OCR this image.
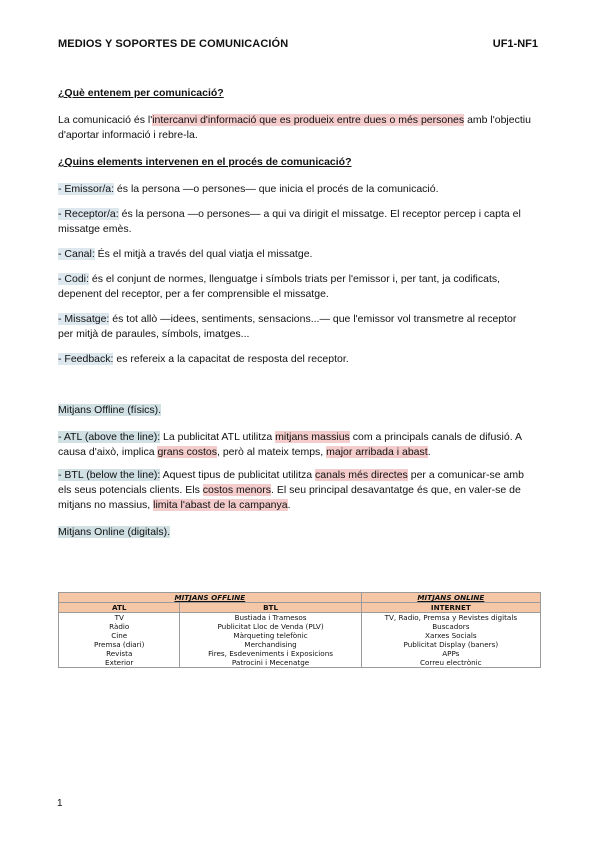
MEDIOS Y SOPORTES DE COMUNICACIÓN	UF1-NF1

¿Què entenem per comunicació?

La comunicació és l'intercanvi d'informació que es produeix entre dues o més persones amb l'objectiu d'aportar informació i rebre-la.

¿Quins elements intervenen en el procés de comunicació?

- Emissor/a: és la persona —o persones— que inicia el procés de la comunicació.

- Receptor/a: és la persona —o persones— a qui va dirigit el missatge. El receptor percep i capta el missatge emès.

- Canal: És el mitjà a través del qual viatja el missatge.

- Codi: és el conjunt de normes, llenguatge i símbols triats per l'emissor i, per tant, ja codificats, depenent del receptor, per a fer comprensible el missatge.

- Missatge: és tot allò —idees, sentiments, sensacions...— que l'emissor vol transmetre al receptor per mitjà de paraules, símbols, imatges...

- Feedback: es refereix a la capacitat de resposta del receptor.

Mitjans Offline (físics).

- ATL (above the line): La publicitat ATL utilitza mitjans massius com a principals canals de difusió. A causa d'això, implica grans costos, però al mateix temps, major arribada i abast.

- BTL (below the line): Aquest tipus de publicitat utilitza canals més directes per a comunicar-se amb els seus potencials clients. Els costos menors. El seu principal desavantatge és que, en valer-se de mitjans no massius, limita l'abast de la campanya.

Mitjans Online (digitals).

MITJANS OFFLINE		MITJANS ONLINE
ATL	BTL	INTERNET
TV	Bustiada i Tramesos	TV, Radio, Premsa y Revistes digitals
Ràdio	Publicitat Lloc de Venda (PLV)	Buscadors
Cine	Màrqueting telefònic	Xarxes Socials
Premsa (diari)	Merchandising	Publicitat Display (baners)
Revista	Fires, Esdeveniments i Exposicions	APPs
Exterior	Patrocini i Mecenatge	Correu electrònic
1
